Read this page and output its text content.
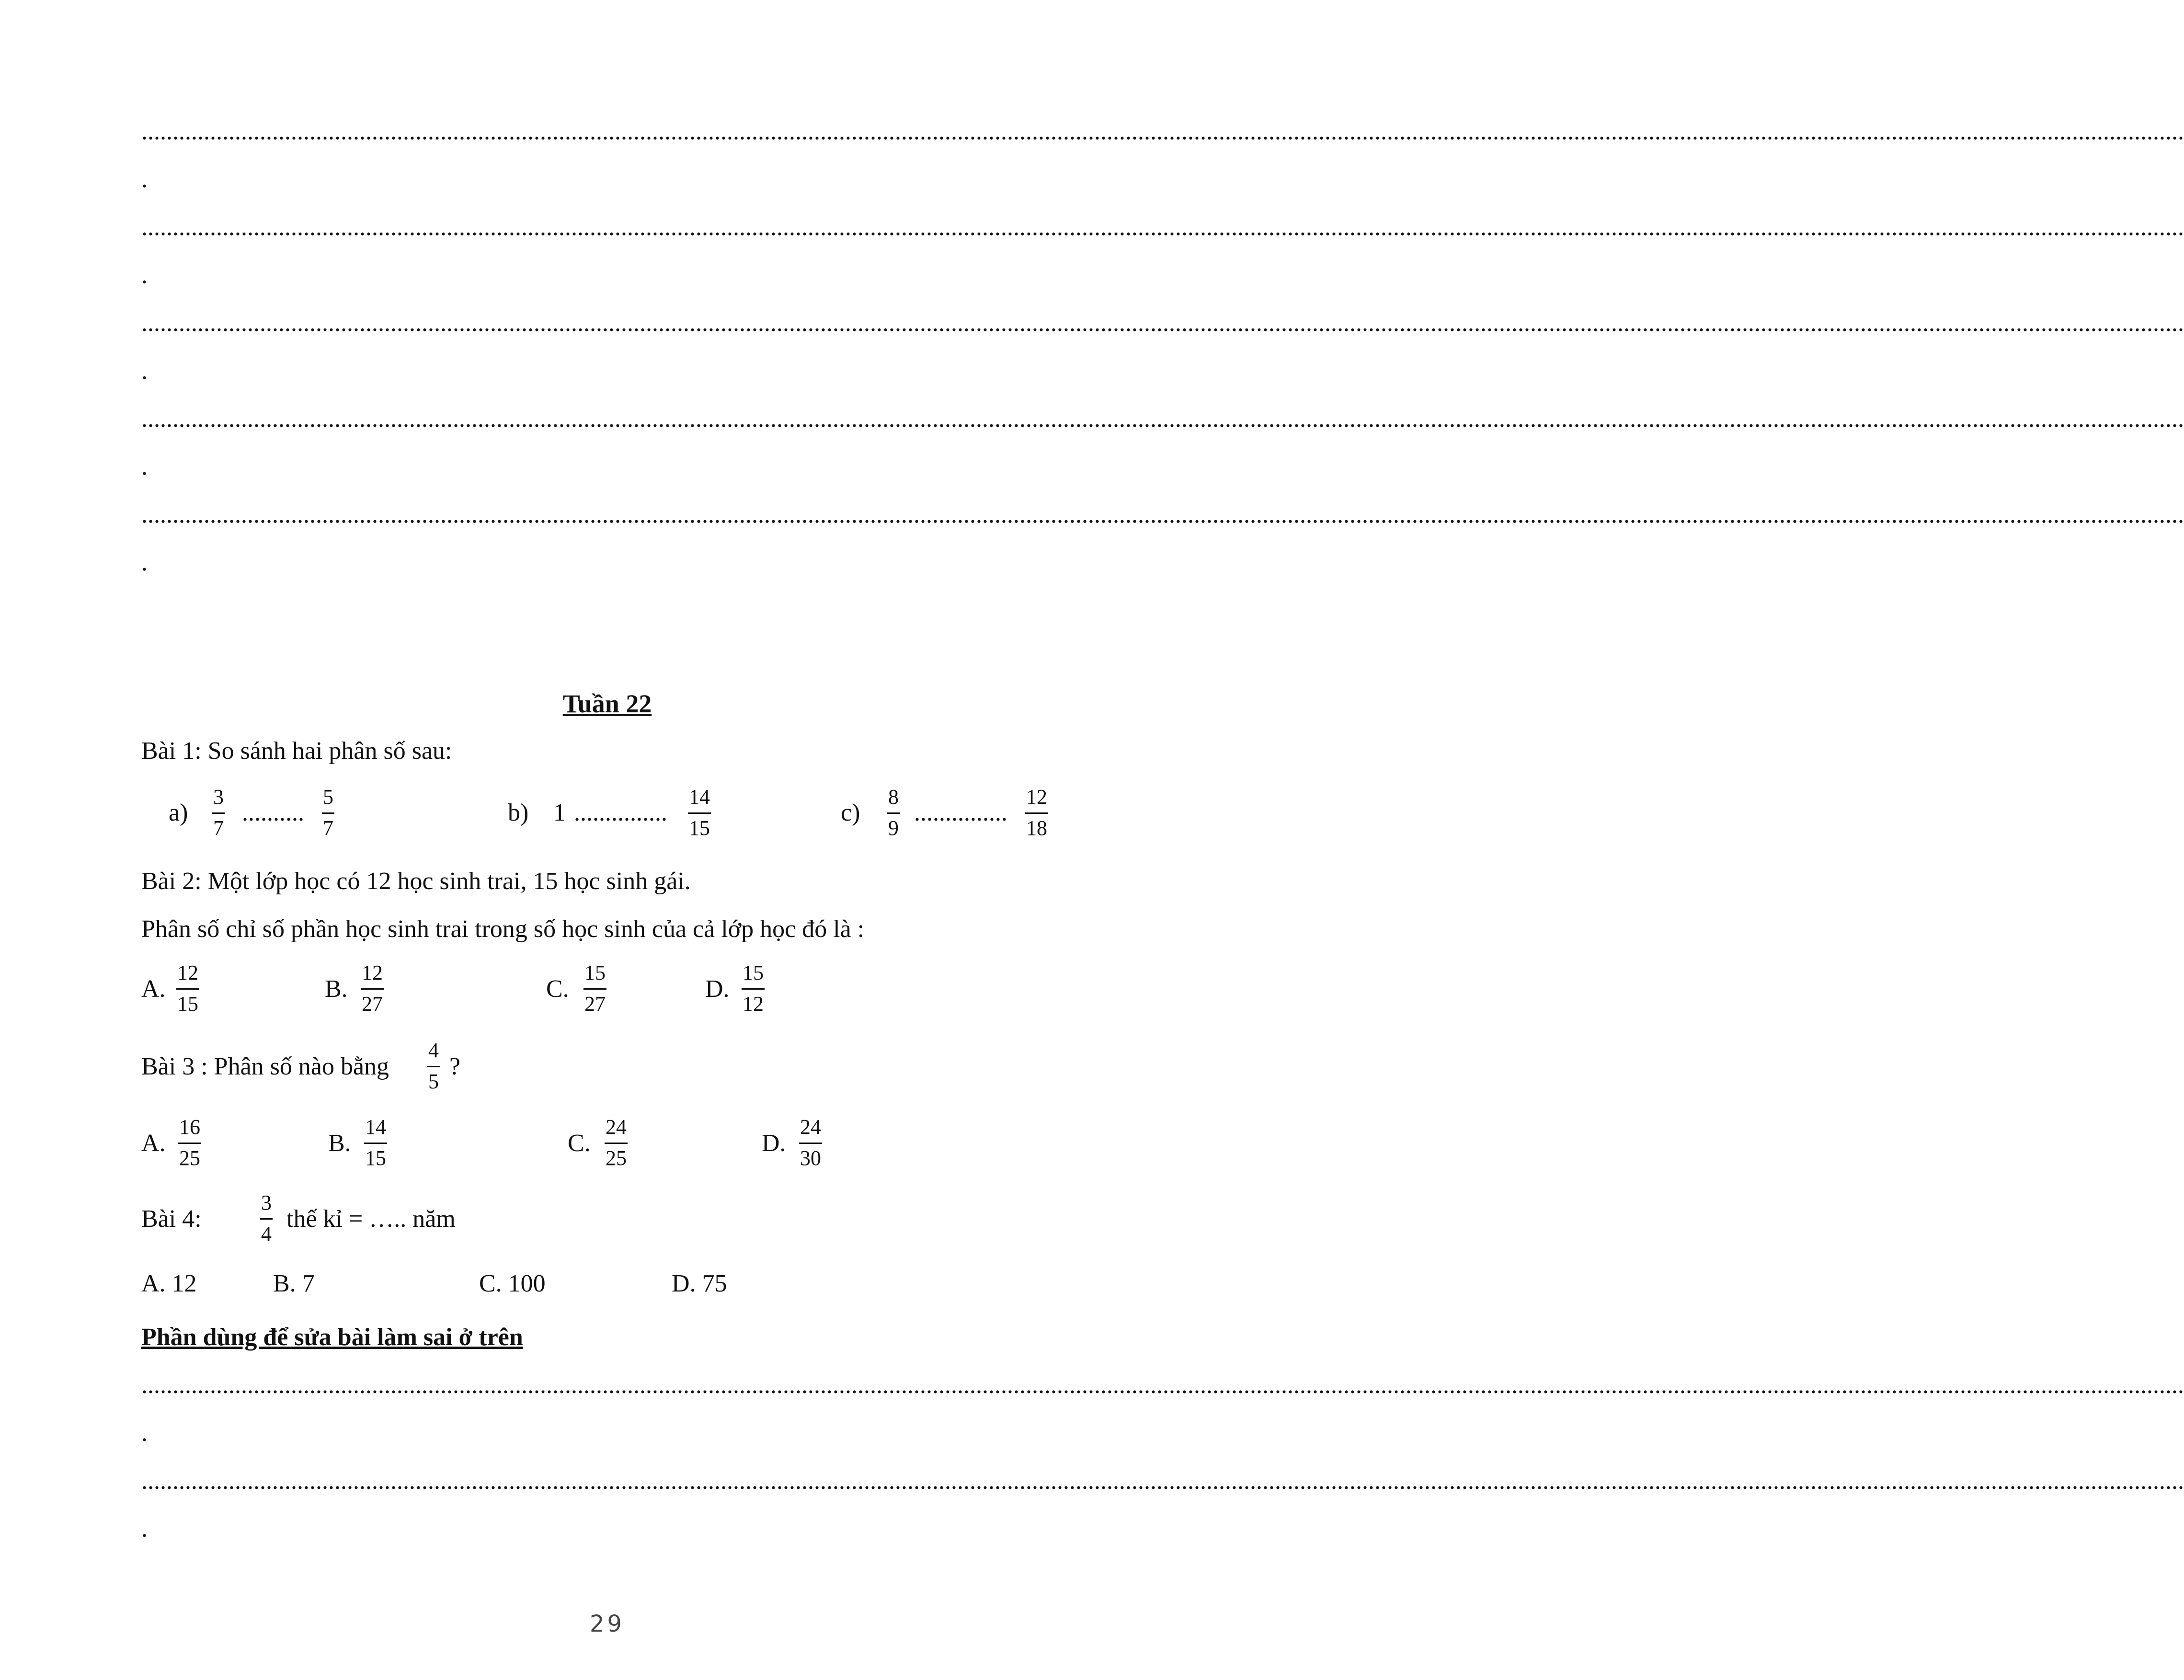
........................................................................................................................................................................................................................................................................................................................................
.
........................................................................................................................................................................................................................................................................................................................................
.
........................................................................................................................................................................................................................................................................................................................................
.
........................................................................................................................................................................................................................................................................................................................................
.
........................................................................................................................................................................................................................................................................................................................................
.
Tuần 22
Bài 1: So sánh hai phân số sau:
a)
3
7
..........
5
7
b) 1 ...............
14
15
c)
8
9
...............
12
18
Bài 2: Một lớp học có 12 học sinh trai, 15 học sinh gái.
Phân số chỉ số phần học sinh trai trong số học sinh của cả lớp học đó là :
A.
12
15
B.
12
27
C.
15
27
D.
15
12
Bài 3 : Phân số nào bằng
4
5
?
A.
16
25
B.
14
15
C.
24
25
D.
24
30
Bài 4:
3
4
thế kỉ = ….. năm
A. 12	B. 7	C. 100	D. 75
Phần dùng để sửa bài làm sai ở trên
........................................................................................................................................................................................................................................................................................................................................
.
........................................................................................................................................................................................................................................................................................................................................
.
29
